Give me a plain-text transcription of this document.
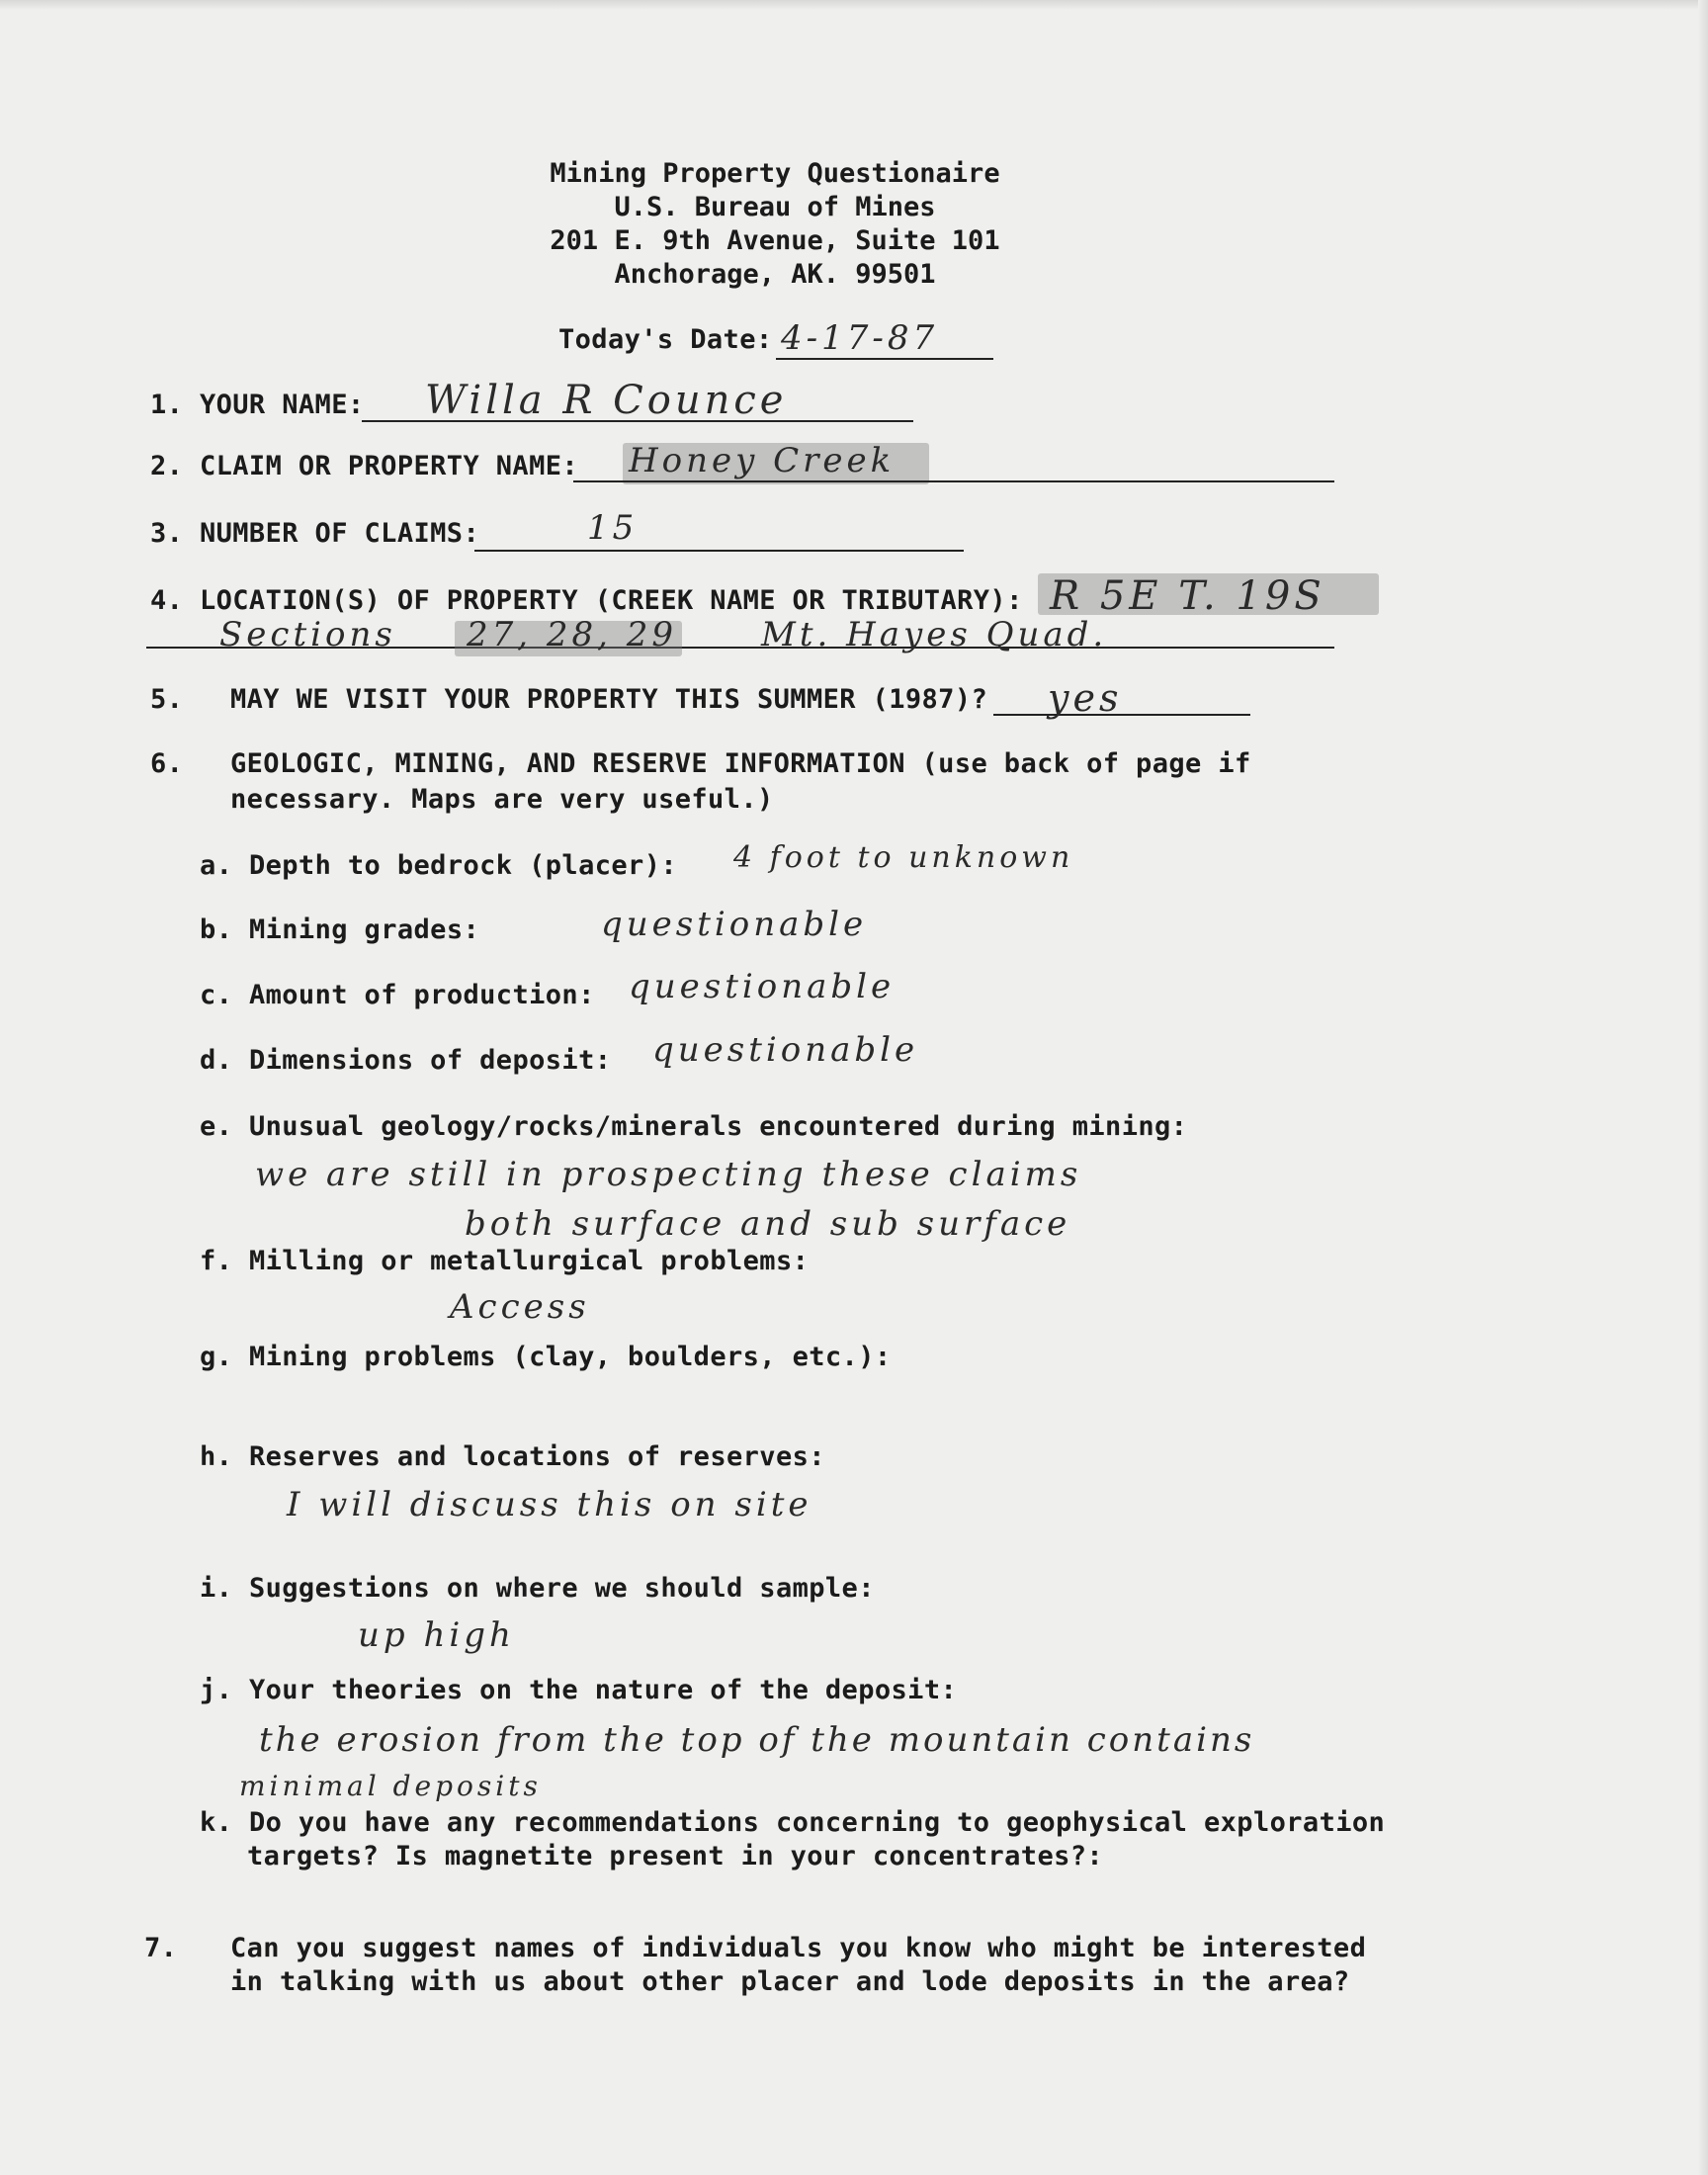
Mining Property Questionaire
U.S. Bureau of Mines
201 E. 9th Avenue, Suite 101
Anchorage, AK. 99501
Today's Date: 4-17-87
1. YOUR NAME: Willa R Counce
2. CLAIM OR PROPERTY NAME: Honey Creek
3. NUMBER OF CLAIMS:	15
4. LOCATION(S) OF PROPERTY (CREEK NAME OR TRIBUTARY): R 5E T. 19S
Sections 27, 28, 29 Mt. Hayes Quad.
5. MAY WE VISIT YOUR PROPERTY THIS SUMMER (1987)? yes
6. GEOLOGIC, MINING, AND RESERVE INFORMATION (use back of page if
necessary. Maps are very useful.)
a. Depth to bedrock (placer): 4 foot to unknown
b. Mining grades:	questionable
c. Amount of production: questionable
d. Dimensions of deposit: questionable
e. Unusual geology/rocks/minerals encountered during mining:
we are still in prospecting these claims
both surface and sub surface
f. Milling or metallurgical problems:
Access
g. Mining problems (clay, boulders, etc.):
h. Reserves and locations of reserves:
I will discuss this on site
i. Suggestions on where we should sample:
up high
j. Your theories on the nature of the deposit:
the erosion from the top of the mountain contains
minimal deposits
k. Do you have any recommendations concerning to geophysical exploration
targets? Is magnetite present in your concentrates?:
7. Can you suggest names of individuals you know who might be interested
in talking with us about other placer and lode deposits in the area?
